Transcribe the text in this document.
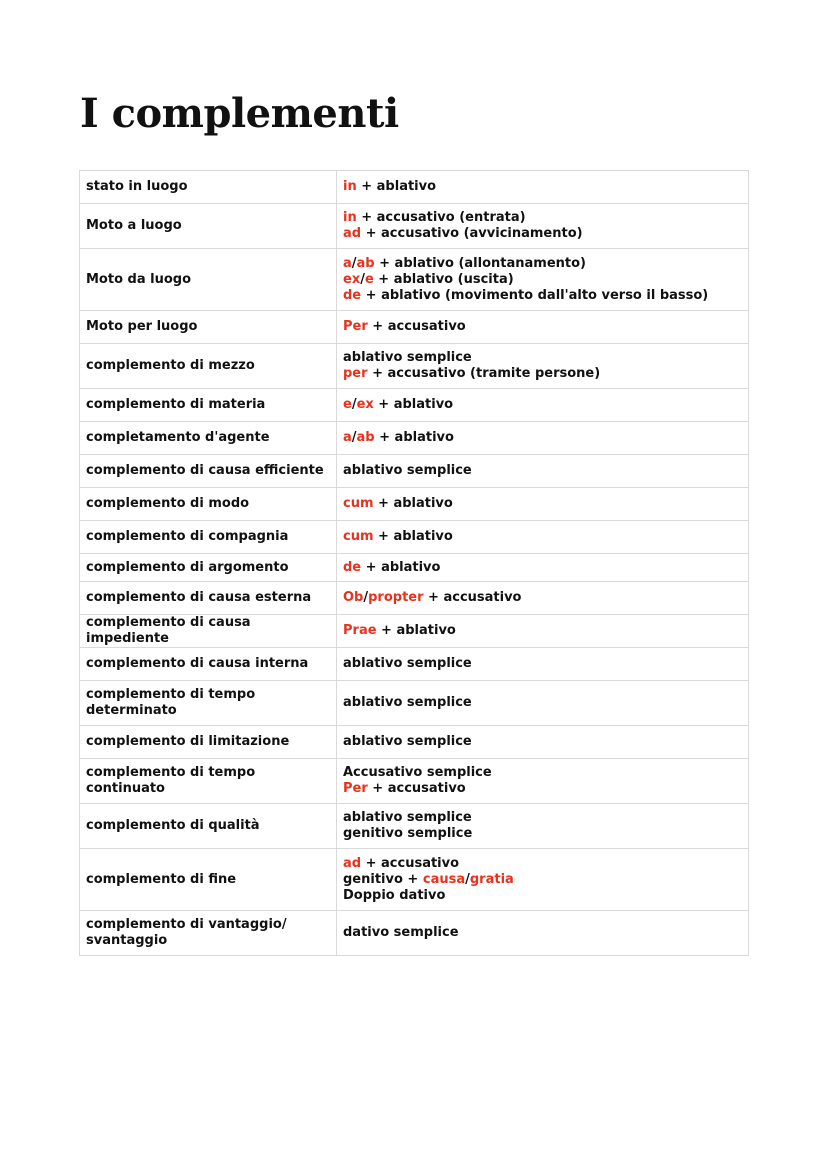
I complementi
stato in luogo	in + ablativo

Moto a luogo	in + accusativo (entrata)
ad + accusativo (avvicinamento)

Moto da luogo	a/ab + ablativo (allontanamento)
ex/e + ablativo (uscita)
de + ablativo (movimento dall'alto verso il basso)

Moto per luogo	Per + accusativo

complemento di mezzo	ablativo semplice
per + accusativo (tramite persone)

complemento di materia	e/ex + ablativo

completamento d'agente	a/ab + ablativo

complemento di causa efficiente	ablativo semplice

complemento di modo	cum + ablativo

complemento di compagnia	cum + ablativo

complemento di argomento	de + ablativo

complemento di causa esterna	Ob/propter + accusativo

complemento di causa impediente	Prae + ablativo

complemento di causa interna	ablativo semplice

complemento di tempo determinato	ablativo semplice

complemento di limitazione	ablativo semplice

complemento di tempo continuato	Accusativo semplice
Per + accusativo

complemento di qualità	ablativo semplice
genitivo semplice

complemento di fine	ad + accusativo
genitivo + causa/gratia
Doppio dativo

complemento di vantaggio/ svantaggio	dativo semplice
